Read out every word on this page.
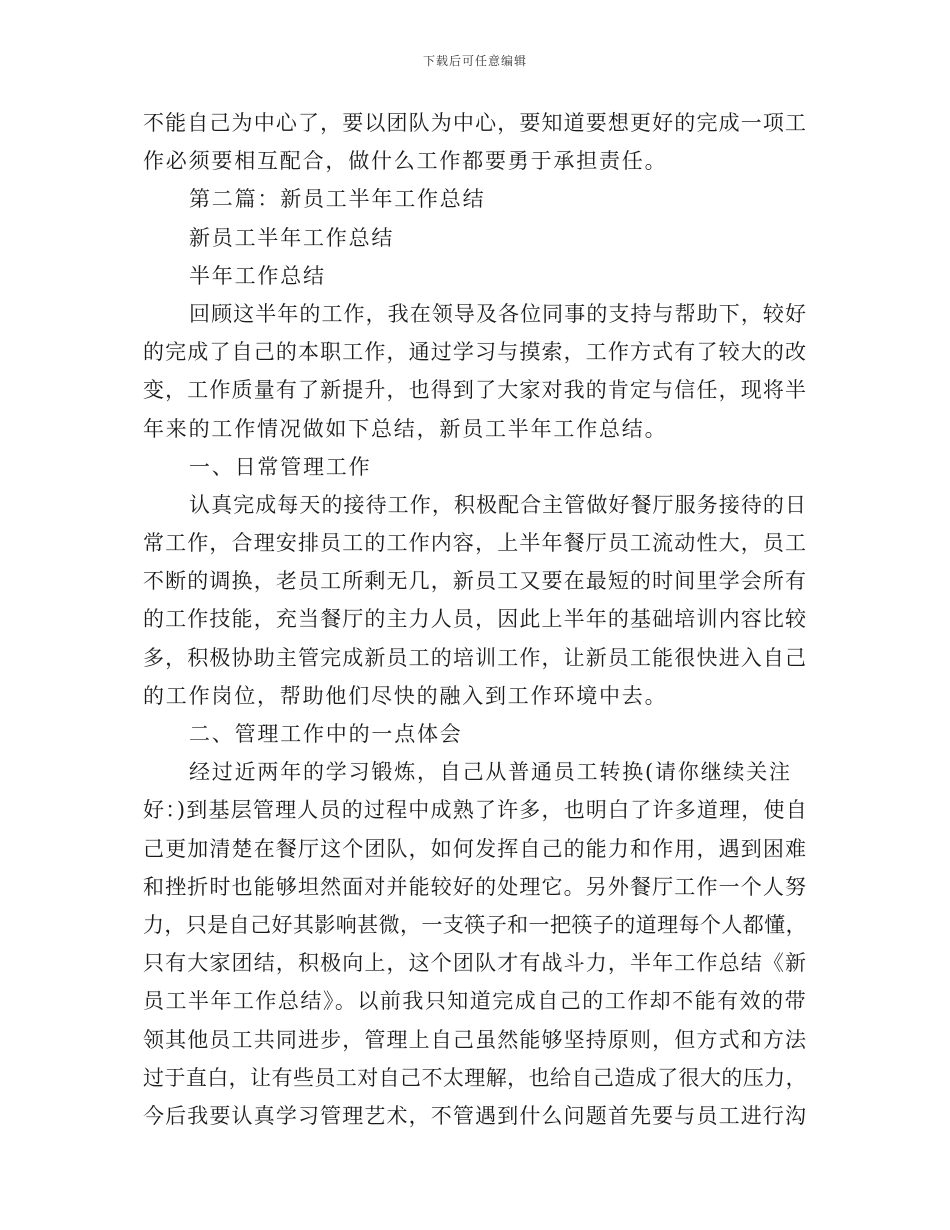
下载后可任意编辑
不能自己为中心了，要以团队为中心，要知道要想更好的完成一项工
作必须要相互配合，做什么工作都要勇于承担责任。
第二篇：新员工半年工作总结
新员工半年工作总结
半年工作总结
回顾这半年的工作，我在领导及各位同事的支持与帮助下，较好
的完成了自己的本职工作，通过学习与摸索，工作方式有了较大的改
变，工作质量有了新提升，也得到了大家对我的肯定与信任，现将半
年来的工作情况做如下总结，新员工半年工作总结。
一、日常管理工作
认真完成每天的接待工作，积极配合主管做好餐厅服务接待的日
常工作，合理安排员工的工作内容，上半年餐厅员工流动性大，员工
不断的调换，老员工所剩无几，新员工又要在最短的时间里学会所有
的工作技能，充当餐厅的主力人员，因此上半年的基础培训内容比较
多，积极协助主管完成新员工的培训工作，让新员工能很快进入自己
的工作岗位，帮助他们尽快的融入到工作环境中去。
二、管理工作中的一点体会
经过近两年的学习锻炼，自己从普通员工转换(请你继续关注
好：)到基层管理人员的过程中成熟了许多，也明白了许多道理，使自
己更加清楚在餐厅这个团队，如何发挥自己的能力和作用，遇到困难
和挫折时也能够坦然面对并能较好的处理它。另外餐厅工作一个人努
力，只是自己好其影响甚微，一支筷子和一把筷子的道理每个人都懂，
只有大家团结，积极向上，这个团队才有战斗力，半年工作总结《新
员工半年工作总结》。以前我只知道完成自己的工作却不能有效的带
领其他员工共同进步，管理上自己虽然能够坚持原则，但方式和方法
过于直白，让有些员工对自己不太理解，也给自己造成了很大的压力，
今后我要认真学习管理艺术，不管遇到什么问题首先要与员工进行沟
